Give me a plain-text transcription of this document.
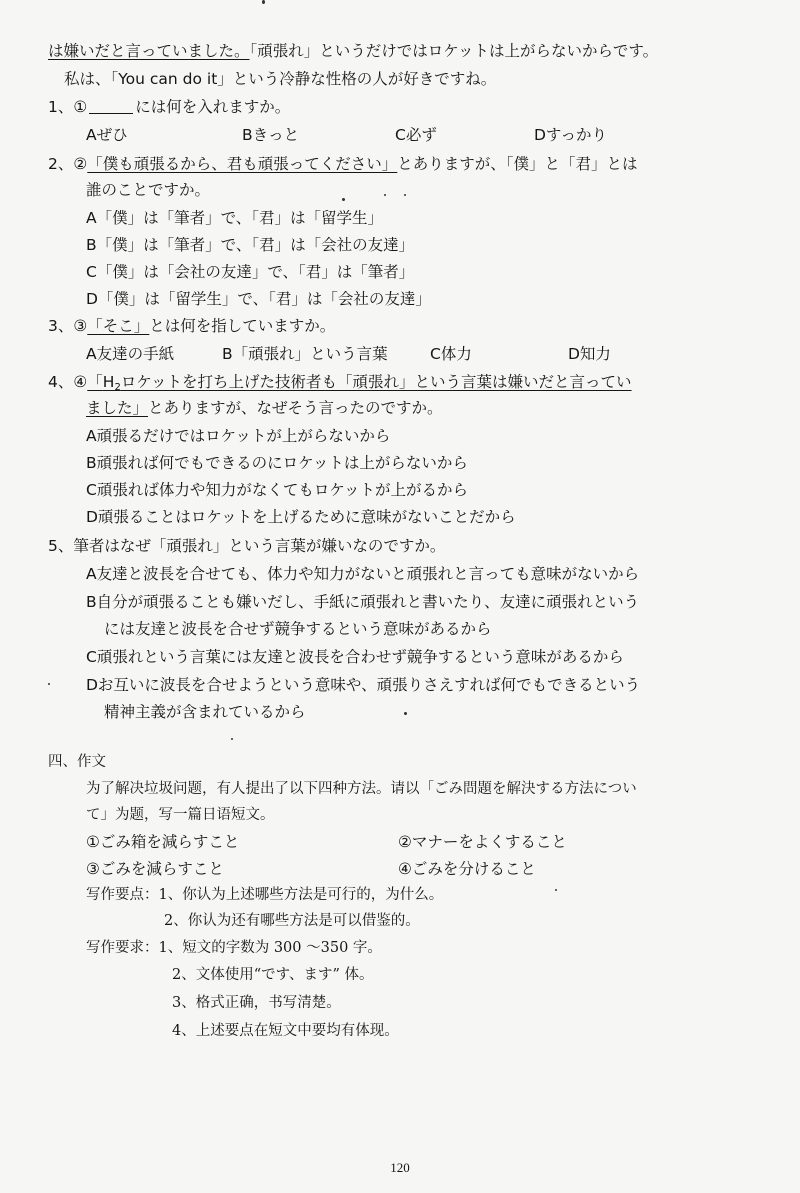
は嫌いだと言っていました。「頑張れ」というだけではロケットは上がらないからです。
私は、「You can do it」という冷静な性格の人が好きですね。
1、①	には何を入れますか。
Aぜひ	Bきっと	C必ず	Dすっかり
2、②「僕も頑張るから、君も頑張ってください」とありますが、「僕」と「君」とは
誰のことですか。
A「僕」は「筆者」で、「君」は「留学生」
B「僕」は「筆者」で、「君」は「会社の友達」
C「僕」は「会社の友達」で、「君」は「筆者」
D「僕」は「留学生」で、「君」は「会社の友達」
3、③「そこ」とは何を指していますか。
A友達の手紙	B「頑張れ」という言葉	C体力	D知力
4、④「$H_2$ロケットを打ち上げた技術者も「頑張れ」という言葉は嫌いだと言ってい
ました」とありますが、なぜそう言ったのですか。
A頑張るだけではロケットが上がらないから
B頑張れば何でもできるのにロケットは上がらないから
C頑張れば体力や知力がなくてもロケットが上がるから
D頑張ることはロケットを上げるために意味がないことだから
5、筆者はなぜ「頑張れ」という言葉が嫌いなのですか。
A友達と波長を合せても、体力や知力がないと頑張れと言っても意味がないから
B自分が頑張ることも嫌いだし、手紙に頑張れと書いたり、友達に頑張れという
には友達と波長を合せず競争するという意味があるから
C頑張れという言葉には友達と波長を合わせず競争するという意味があるから
Dお互いに波長を合せようという意味や、頑張りさえすれば何でもできるという
精神主義が含まれているから
四、作文
为了解决垃圾问题，有人提出了以下四种方法。请以「ごみ問題を解決する方法につい
て」为题，写一篇日语短文。
①ごみ箱を減らすこと	②マナーをよくすること
③ごみを減らすこと	④ごみを分けること
写作要点：1、你认为上述哪些方法是可行的，为什么。
2、你认为还有哪些方法是可以借鉴的。
写作要求：1、短文的字数为 300 ～350 字。
2、文体使用“です、ます” 体。
3、格式正确，书写清楚。
4、上述要点在短文中要均有体现。
120
